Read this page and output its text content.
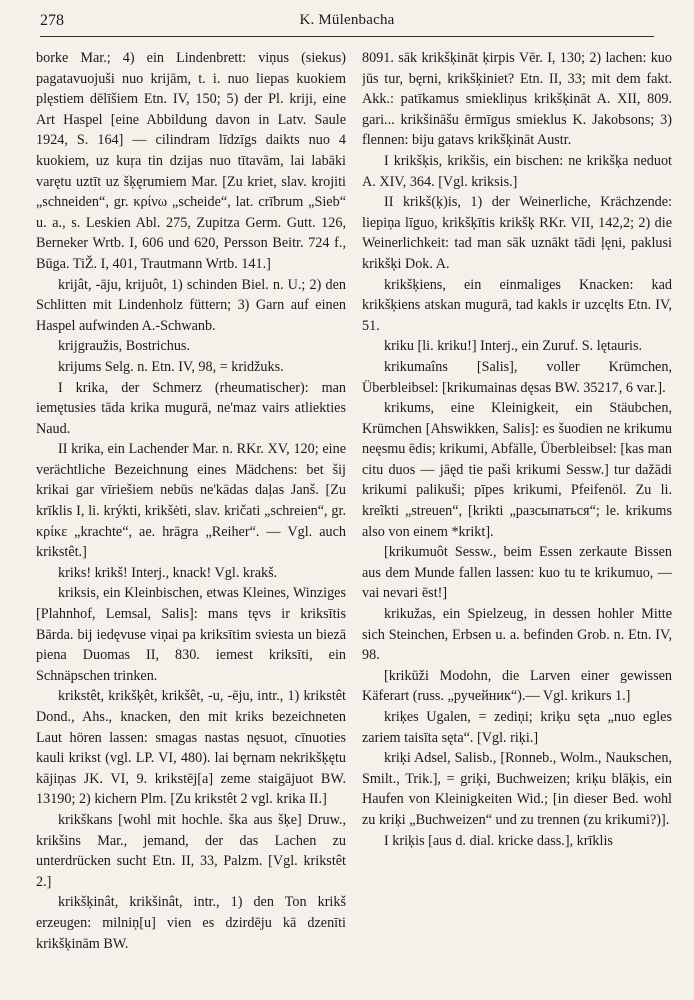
278	K. Mülenbacha

borke Mar.; 4) ein Lindenbrett: viņus (siekus) pagatavuojuši nuo krijām, t. i. nuo liepas kuokiem plęstiem dēlīšiem Etn. IV, 150; 5) der Pl. kriji, eine Art Haspel [eine Abbildung davon in Latv. Saule 1924, S. 164] — cilindram līdzīgs daikts nuo 4 kuokiem, uz kuŗa tin dzijas nuo tītavām, lai labāki varętu uztīt uz šķęrumiem Mar. [Zu kriet, slav. krojiti „schneiden“, gr. κρίνω „scheide“, lat. crībrum „Sieb“ u. a., s. Leskien Abl. 275, Zupitza Germ. Gutt. 126, Berneker Wrtb. I, 606 und 620, Persson Beitr. 724 f., Būga. TiŽ. I, 401, Trautmann Wrtb. 141.]

krijât, -āju, krijuôt, 1) schinden Biel. n. U.; 2) den Schlitten mit Lindenholz füttern; 3) Garn auf einen Haspel aufwinden A.-Schwanb.

krijgraužis, Bostrichus.

krijums Selg. n. Etn. IV, 98, = kridžuks.

I krika, der Schmerz (rheumatischer): man iemętusies tāda krika mugurā, ne'maz vairs atliekties Naud.

II krika, ein Lachender Mar. n. RKr. XV, 120; eine verächtliche Bezeichnung eines Mädchens: bet šij krikai gar vīriešiem nebūs ne'kādas daļas Janš. [Zu krīklis I, li. krýkti, krikšėti, slav. kričati „schreien“, gr. κρίκε „krachte“, ae. hrāgra „Reiher“. — Vgl. auch krikstêt.]

kriks! krikš! Interj., knack! Vgl. krakš.

kriksis, ein Kleinbischen, etwas Kleines, Winziges [Plahnhof, Lemsal, Salis]: mans tęvs ir kriksītis Bārda. bij iedęvuse viņai pa kriksītim sviesta un biezā piena Duomas II, 830. iemest kriksīti, ein Schnäpschen trinken.

krikstêt, krikšķêt, krikšêt, -u, -ēju, intr., 1) krikstêt Dond., Ahs., knacken, den mit kriks bezeichneten Laut hören lassen: smagas nastas nęsuot, cīnuoties kauli krikst (vgl. LP. VI, 480). lai bęrnam nekrikšķętu kājiņas JK. VI, 9. krikstēj[a] zeme staigājuot BW. 13190; 2) kichern Plm. [Zu krikstêt 2 vgl. krika II.]

krikškans [wohl mit hochle. ška aus šķe] Druw., krikšins Mar., jemand, der das Lachen zu unterdrücken sucht Etn. II, 33, Palzm. [Vgl. krikstêt 2.]

krikšķinât, krikšinât, intr., 1) den Ton krikš erzeugen: milniņ[u] vien es dzirdēju kā dzenīti krikšķinām BW.

8091. sāk krikšķināt ķirpis Vēr. I, 130; 2) lachen: kuo jūs tur, bęrni, krikšķiniet? Etn. II, 33; mit dem fakt. Akk.: patīkamus smiekliņus krikšķināt A. XII, 809. gari... krikšināšu ērmīgus smieklus K. Jakobsons; 3) flennen: biju gatavs krikšķināt Austr.

I krikšķis, krikšis, ein bischen: ne krikšķa neduot A. XIV, 364. [Vgl. kriksis.]

II krikš(ķ)is, 1) der Weinerliche, Krächzende: liepiņa līguo, krikšķītis krikšķ RKr. VII, 142,2; 2) die Weinerlichkeit: tad man sāk uznākt tādi ļęni, paklusi krikšķi Dok. A.

krikšķiens, ein einmaliges Knacken: kad krikšķiens atskan mugurā, tad kakls ir uzcęlts Etn. IV, 51.

kriku [li. kriku!] Interj., ein Zuruf. S. lętauris.

krikumaîns [Salis], voller Krümchen, Überbleibsel: [krikumainas dęsas BW. 35217, 6 var.].

krikums, eine Kleinigkeit, ein Stäubchen, Krümchen [Ahswikken, Salis]: es šuodien ne krikumu neęsmu ēdis; krikumi, Abfälle, Überbleibsel: [kas man citu duos — jāęd tie paši krikumi Sessw.] tur dažādi krikumi palikuši; pīpes krikumi, Pfeifenöl. Zu li. kreĩkti „streuen“, [krikti „разсыпаться“; le. krikums also von einem *krikt].

[krikumuôt Sessw., beim Essen zerkaute Bissen aus dem Munde fallen lassen: kuo tu te krikumuo, — vai nevari ēst!]

krikužas, ein Spielzeug, in dessen hohler Mitte sich Steinchen, Erbsen u. a. befinden Grob. n. Etn. IV, 98.

[krikūži Modohn, die Larven einer gewissen Käferart (russ. „ручейник“).— Vgl. krikurs 1.]

kriķes Ugalen, = zediņi; kriķu sęta „nuo egles zariem taisīta sęta“. [Vgl. riķi.]

kriķi Adsel, Salisb., [Ronneb., Wolm., Naukschen, Smilt., Trik.], = griķi, Buchweizen; kriķu blāķis, ein Haufen von Kleinigkeiten Wid.; [in dieser Bed. wohl zu kriķi „Buchweizen“ und zu trennen (zu krikumi?)].

I kriķis [aus d. dial. kricke dass.], krīklis
